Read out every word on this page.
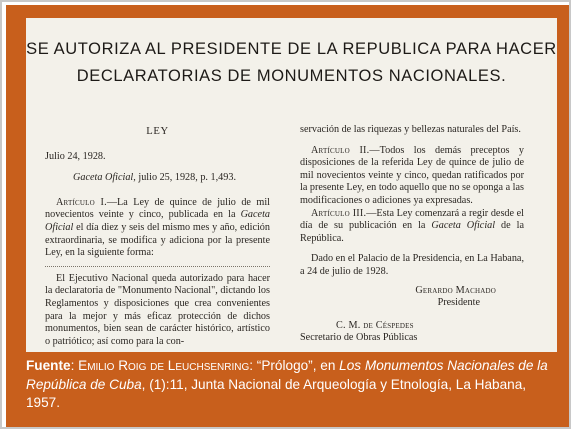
SE AUTORIZA AL PRESIDENTE DE LA REPUBLICA PARA HACER
DECLARATORIAS DE MONUMENTOS NACIONALES.

LEY

Julio 24, 1928.

Gaceta Oficial, julio 25, 1928, p. 1,493.

Artículo I.—La Ley de quince de julio de mil novecientos veinte y cinco, publicada en la Gaceta Oficial el día diez y seis del mismo mes y año, edición extraordinaria, se modifica y adiciona por la presente Ley, en la siguiente forma:

El Ejecutivo Nacional queda autorizado para hacer la declaratoria de "Monumento Nacional", dictando los Reglamentos y disposiciones que crea convenientes para la mejor y más eficaz protección de dichos monumentos, bien sean de carácter histórico, artístico o patriótico; así como para la con-

servación de las riquezas y bellezas naturales del País.

Artículo II.—Todos los demás preceptos y disposiciones de la referida Ley de quince de julio de mil novecientos veinte y cinco, quedan ratificados por la presente Ley, en todo aquello que no se oponga a las modificaciones o adiciones ya expresadas.

Artículo III.—Esta Ley comenzará a regir desde el día de su publicación en la Gaceta Oficial de la República.

Dado en el Palacio de la Presidencia, en La Habana, a 24 de julio de 1928.

Gerardo Machado

Presidente

C. M. de Céspedes

Secretario de Obras Públicas

Fuente: Emilio Roig de Leuchsenring: “Prólogo”, en Los Monumentos Nacionales de la República de Cuba, (1):11, Junta Nacional de Arqueología y Etnología, La Habana, 1957.
